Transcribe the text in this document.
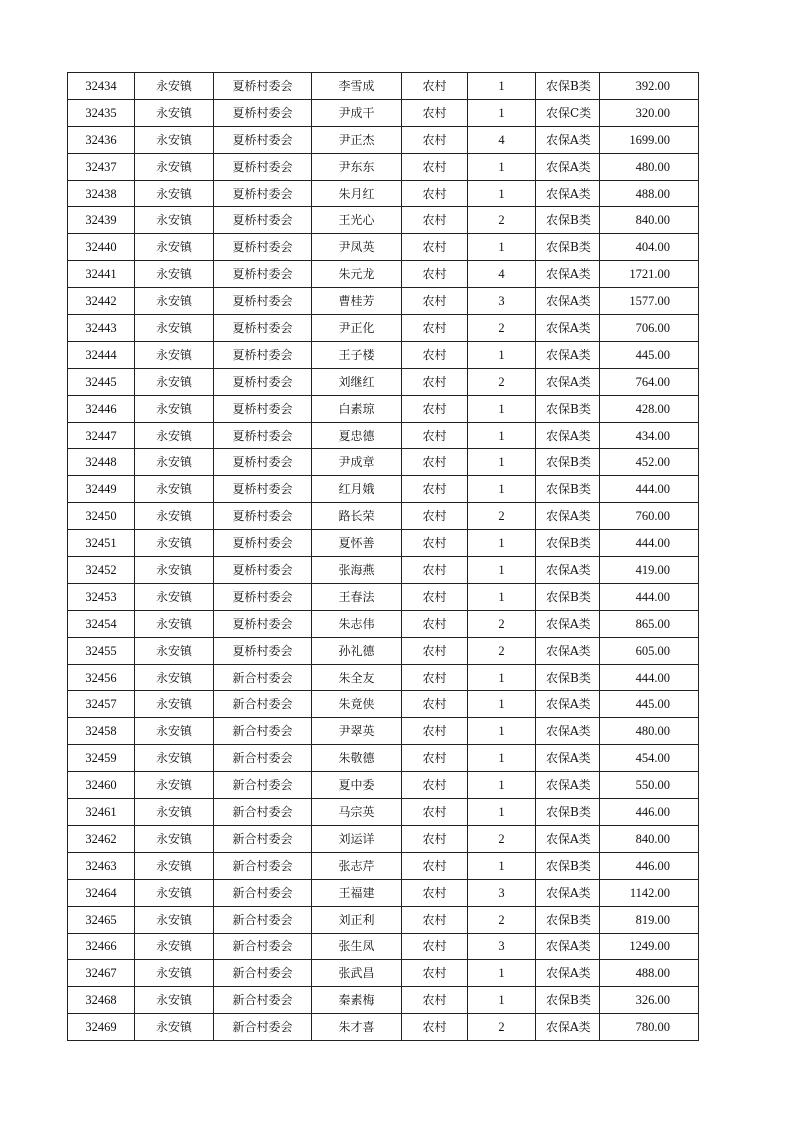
32434	永安镇	夏桥村委会	李雪成	农村	1	农保B类	392.00
32435	永安镇	夏桥村委会	尹成干	农村	1	农保C类	320.00
32436	永安镇	夏桥村委会	尹正杰	农村	4	农保A类	1699.00
32437	永安镇	夏桥村委会	尹东东	农村	1	农保A类	480.00
32438	永安镇	夏桥村委会	朱月红	农村	1	农保A类	488.00
32439	永安镇	夏桥村委会	王光心	农村	2	农保B类	840.00
32440	永安镇	夏桥村委会	尹凤英	农村	1	农保B类	404.00
32441	永安镇	夏桥村委会	朱元龙	农村	4	农保A类	1721.00
32442	永安镇	夏桥村委会	曹桂芳	农村	3	农保A类	1577.00
32443	永安镇	夏桥村委会	尹正化	农村	2	农保A类	706.00
32444	永安镇	夏桥村委会	王子楼	农村	1	农保A类	445.00
32445	永安镇	夏桥村委会	刘继红	农村	2	农保A类	764.00
32446	永安镇	夏桥村委会	白素琼	农村	1	农保B类	428.00
32447	永安镇	夏桥村委会	夏忠德	农村	1	农保A类	434.00
32448	永安镇	夏桥村委会	尹成章	农村	1	农保B类	452.00
32449	永安镇	夏桥村委会	红月娥	农村	1	农保B类	444.00
32450	永安镇	夏桥村委会	路长荣	农村	2	农保A类	760.00
32451	永安镇	夏桥村委会	夏怀善	农村	1	农保B类	444.00
32452	永安镇	夏桥村委会	张海燕	农村	1	农保A类	419.00
32453	永安镇	夏桥村委会	王春法	农村	1	农保B类	444.00
32454	永安镇	夏桥村委会	朱志伟	农村	2	农保A类	865.00
32455	永安镇	夏桥村委会	孙礼德	农村	2	农保A类	605.00
32456	永安镇	新合村委会	朱全友	农村	1	农保B类	444.00
32457	永安镇	新合村委会	朱竟侠	农村	1	农保A类	445.00
32458	永安镇	新合村委会	尹翠英	农村	1	农保A类	480.00
32459	永安镇	新合村委会	朱敬德	农村	1	农保A类	454.00
32460	永安镇	新合村委会	夏中委	农村	1	农保A类	550.00
32461	永安镇	新合村委会	马宗英	农村	1	农保B类	446.00
32462	永安镇	新合村委会	刘运详	农村	2	农保A类	840.00
32463	永安镇	新合村委会	张志芹	农村	1	农保B类	446.00
32464	永安镇	新合村委会	王福建	农村	3	农保A类	1142.00
32465	永安镇	新合村委会	刘正利	农村	2	农保B类	819.00
32466	永安镇	新合村委会	张生凤	农村	3	农保A类	1249.00
32467	永安镇	新合村委会	张武昌	农村	1	农保A类	488.00
32468	永安镇	新合村委会	秦素梅	农村	1	农保B类	326.00
32469	永安镇	新合村委会	朱才喜	农村	2	农保A类	780.00
